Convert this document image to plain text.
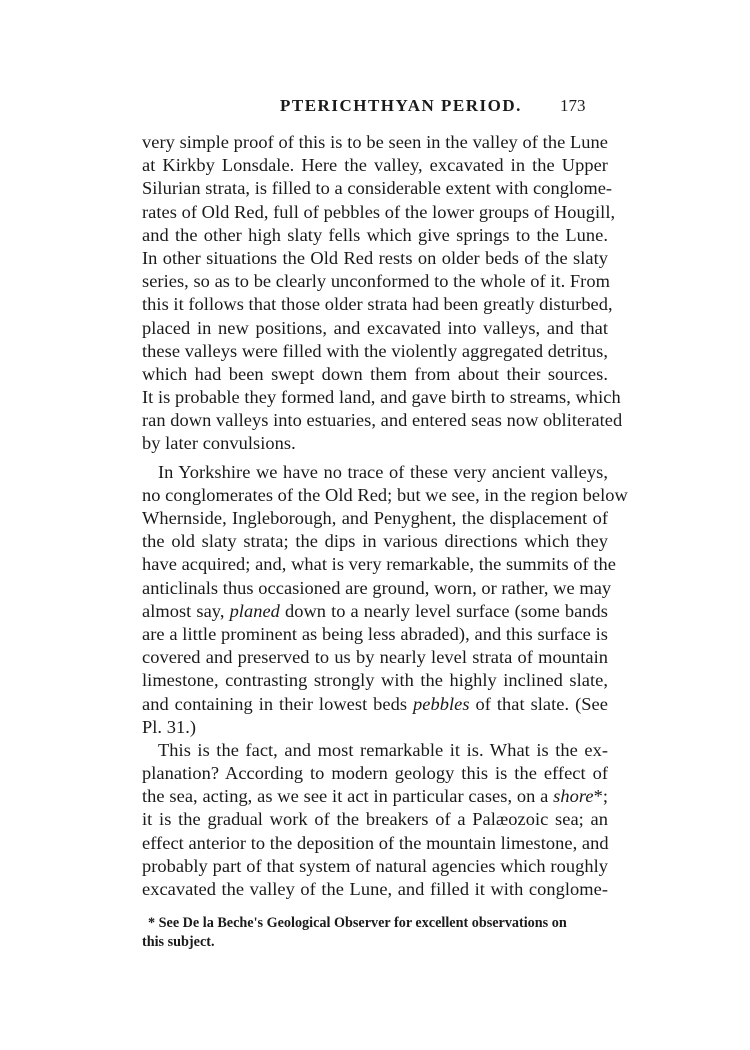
PTERICHTHYAN PERIOD. 173
very simple proof of this is to be seen in the valley of the Lune
at Kirkby Lonsdale. Here the valley, excavated in the Upper
Silurian strata, is filled to a considerable extent with conglome-
rates of Old Red, full of pebbles of the lower groups of Hougill,
and the other high slaty fells which give springs to the Lune.
In other situations the Old Red rests on older beds of the slaty
series, so as to be clearly unconformed to the whole of it. From
this it follows that those older strata had been greatly disturbed,
placed in new positions, and excavated into valleys, and that
these valleys were filled with the violently aggregated detritus,
which had been swept down them from about their sources.
It is probable they formed land, and gave birth to streams, which
ran down valleys into estuaries, and entered seas now obliterated
by later convulsions.
In Yorkshire we have no trace of these very ancient valleys,
no conglomerates of the Old Red; but we see, in the region below
Whernside, Ingleborough, and Penyghent, the displacement of
the old slaty strata; the dips in various directions which they
have acquired; and, what is very remarkable, the summits of the
anticlinals thus occasioned are ground, worn, or rather, we may
almost say, planed down to a nearly level surface (some bands
are a little prominent as being less abraded), and this surface is
covered and preserved to us by nearly level strata of mountain
limestone, contrasting strongly with the highly inclined slate,
and containing in their lowest beds pebbles of that slate. (See
Pl. 31.)
This is the fact, and most remarkable it is. What is the ex-
planation? According to modern geology this is the effect of
the sea, acting, as we see it act in particular cases, on a shore*;
it is the gradual work of the breakers of a Palæozoic sea; an
effect anterior to the deposition of the mountain limestone, and
probably part of that system of natural agencies which roughly
excavated the valley of the Lune, and filled it with conglome-
* See De la Beche's Geological Observer for excellent observations on
this subject.
